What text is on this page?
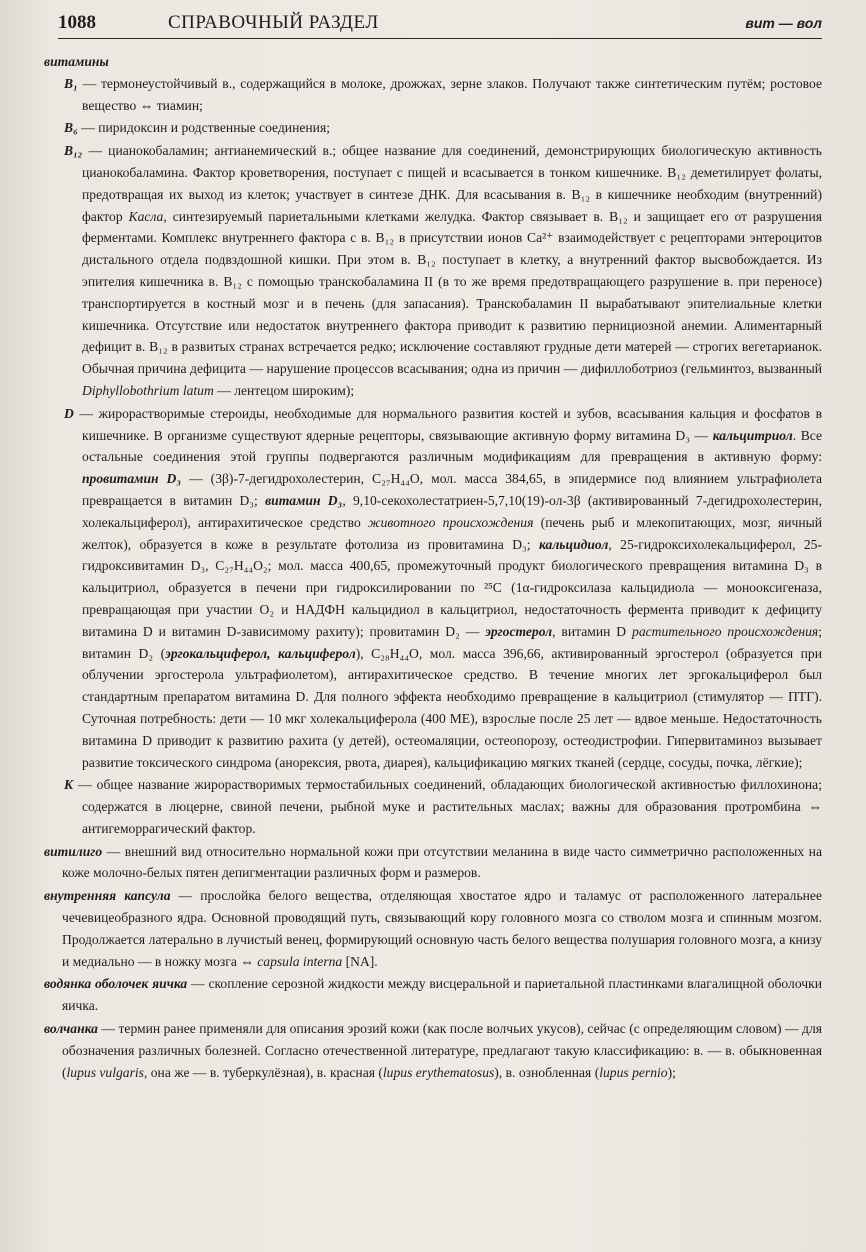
1088	СПРАВОЧНЫЙ РАЗДЕЛ	вит — вол

витамины

B₁ — термонеустойчивый в., содержащийся в молоке, дрожжах, зерне злаков. Получают также синтетическим путём; ростовое вещество ⇔ тиамин;

B₆ — пиридоксин и родственные соединения;

B₁₂ — цианокобаламин; антианемический в.; общее название для соединений, демонстрирующих биологическую активность цианокобаламина. Фактор кроветворения, поступает с пищей и всасывается в тонком кишечнике. B₁₂ деметилирует фолаты, предотвращая их выход из клеток; участвует в синтезе ДНК. Для всасывания в. B₁₂ в кишечнике необходим (внутренний) фактор Касла, синтезируемый париетальными клетками желудка. Фактор связывает в. B₁₂ и защищает его от разрушения ферментами. Комплекс внутреннего фактора с в. B₁₂ в присутствии ионов Ca²⁺ взаимодействует с рецепторами энтероцитов дистального отдела подвздошной кишки. При этом в. B₁₂ поступает в клетку, а внутренний фактор высвобождается. Из эпителия кишечника в. B₁₂ с помощью транскобаламина II (в то же время предотвращающего разрушение в. при переносе) транспортируется в костный мозг и в печень (для запасания). Транскобаламин II вырабатывают эпителиальные клетки кишечника. Отсутствие или недостаток внутреннего фактора приводит к развитию пернициозной анемии. Алиментарный дефицит в. B₁₂ в развитых странах встречается редко; исключение составляют грудные дети матерей — строгих вегетарианок. Обычная причина дефицита — нарушение процессов всасывания; одна из причин — дифиллоботриоз (гельминтоз, вызванный Diphyllobothrium latum — лентецом широким);

D — жирорастворимые стероиды, необходимые для нормального развития костей и зубов, всасывания кальция и фосфатов в кишечнике. В организме существуют ядерные рецепторы, связывающие активную форму витамина D₃ — кальцитриол. Все остальные соединения этой группы подвергаются различным модификациям для превращения в активную форму: провитамин D₃ — (3β)-7-дегидрохолестерин, C₂₇H₄₄O, мол. масса 384,65, в эпидермисе под влиянием ультрафиолета превращается в витамин D₃; витамин D₃, 9,10-секохолестатриен-5,7,10(19)-ол-3β (активированный 7-дегидрохолестерин, холекальциферол), антирахитическое средство животного происхождения (печень рыб и млекопитающих, мозг, яичный желток), образуется в коже в результате фотолиза из провитамина D₃; кальцидиол, 25-гидроксихолекальциферол, 25-гидроксивитамин D₃, C₂₇H₄₄O₂; мол. масса 400,65, промежуточный продукт биологического превращения витамина D₃ в кальцитриол, образуется в печени при гидроксилировании по ²⁵C (1α-гидроксилаза кальцидиола — монооксигеназа, превращающая при участии O₂ и НАДФН кальцидиол в кальцитриол, недостаточность фермента приводит к дефициту витамина D и витамин D-зависимому рахиту); провитамин D₂ — эргостерол, витамин D растительного происхождения; витамин D₂ (эргокальциферол, кальциферол), C₂₈H₄₄O, мол. масса 396,66, активированный эргостерол (образуется при облучении эргостерола ультрафиолетом), антирахитическое средство. В течение многих лет эргокальциферол был стандартным препаратом витамина D. Для полного эффекта необходимо превращение в кальцитриол (стимулятор — ПТГ). Суточная потребность: дети — 10 мкг холекальциферола (400 МЕ), взрослые после 25 лет — вдвое меньше. Недостаточность витамина D приводит к развитию рахита (у детей), остеомаляции, остеопорозу, остеодистрофии. Гипервитаминоз вызывает развитие токсического синдрома (анорексия, рвота, диарея), кальцификацию мягких тканей (сердце, сосуды, почка, лёгкие);

K — общее название жирорастворимых термостабильных соединений, обладающих биологической активностью филлохинона; содержатся в люцерне, свиной печени, рыбной муке и растительных маслах; важны для образования протромбина ⇔ антигеморрагический фактор.

витилиго — внешний вид относительно нормальной кожи при отсутствии меланина в виде часто симметрично расположенных на коже молочно-белых пятен депигментации различных форм и размеров.

внутренняя капсула — прослойка белого вещества, отделяющая хвостатое ядро и таламус от расположенного латеральнее чечевицеобразного ядра. Основной проводящий путь, связывающий кору головного мозга со стволом мозга и спинным мозгом. Продолжается латерально в лучистый венец, формирующий основную часть белого вещества полушария головного мозга, а книзу и медиально — в ножку мозга ⇔ capsula interna [NA].

водянка оболочек яичка — скопление серозной жидкости между висцеральной и париетальной пластинками влагалищной оболочки яичка.

волчанка — термин ранее применяли для описания эрозий кожи (как после волчьих укусов), сейчас (с определяющим словом) — для обозначения различных болезней. Согласно отечественной литературе, предлагают такую классификацию: в. — в. обыкновенная (lupus vulgaris, она же — в. туберкулёзная), в. красная (lupus erythematosus), в. ознобленная (lupus pernio);
